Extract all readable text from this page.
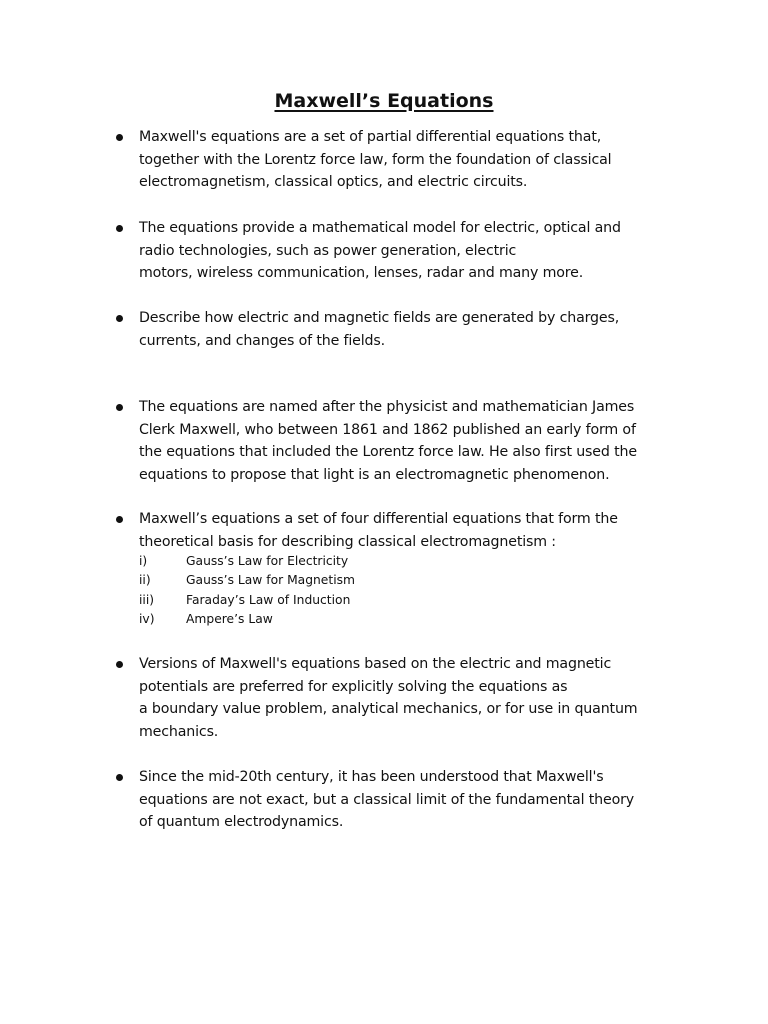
Maxwell’s Equations
Maxwell's equations are a set of partial differential equations that,
together with the Lorentz force law, form the foundation of classical
electromagnetism, classical optics, and electric circuits.
The equations provide a mathematical model for electric, optical and
radio technologies, such as power generation, electric
motors, wireless communication, lenses, radar and many more.
Describe how electric and magnetic fields are generated by charges,
currents, and changes of the fields.
The equations are named after the physicist and mathematician James
Clerk Maxwell, who between 1861 and 1862 published an early form of
the equations that included the Lorentz force law. He also first used the
equations to propose that light is an electromagnetic phenomenon.
Maxwell’s equations a set of four differential equations that form the
theoretical basis for describing classical electromagnetism :
i)	Gauss’s Law for Electricity
ii)	Gauss’s Law for Magnetism
iii)	Faraday’s Law of Induction
iv)	Ampere’s Law
Versions of Maxwell's equations based on the electric and magnetic
potentials are preferred for explicitly solving the equations as
a boundary value problem, analytical mechanics, or for use in quantum
mechanics.
Since the mid-20th century, it has been understood that Maxwell's
equations are not exact, but a classical limit of the fundamental theory
of quantum electrodynamics.
